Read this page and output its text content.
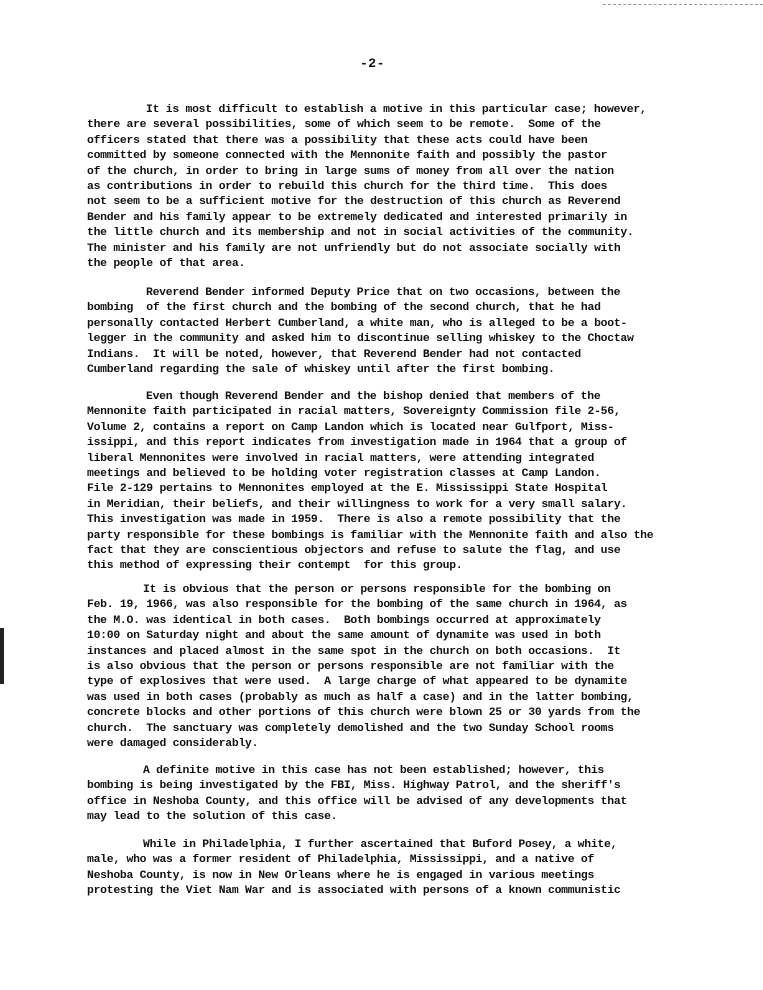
-2-
It is most difficult to establish a motive in this particular case; however,
there are several possibilities, some of which seem to be remote.  Some of the
officers stated that there was a possibility that these acts could have been
committed by someone connected with the Mennonite faith and possibly the pastor
of the church, in order to bring in large sums of money from all over the nation
as contributions in order to rebuild this church for the third time.  This does
not seem to be a sufficient motive for the destruction of this church as Reverend
Bender and his family appear to be extremely dedicated and interested primarily in
the little church and its membership and not in social activities of the community.
The minister and his family are not unfriendly but do not associate socially with
the people of that area.
Reverend Bender informed Deputy Price that on two occasions, between the
bombing  of the first church and the bombing of the second church, that he had
personally contacted Herbert Cumberland, a white man, who is alleged to be a boot-
legger in the community and asked him to discontinue selling whiskey to the Choctaw
Indians.  It will be noted, however, that Reverend Bender had not contacted
Cumberland regarding the sale of whiskey until after the first bombing.
Even though Reverend Bender and the bishop denied that members of the
Mennonite faith participated in racial matters, Sovereignty Commission file 2-56,
Volume 2, contains a report on Camp Landon which is located near Gulfport, Miss-
issippi, and this report indicates from investigation made in 1964 that a group of
liberal Mennonites were involved in racial matters, were attending integrated
meetings and believed to be holding voter registration classes at Camp Landon.
File 2-129 pertains to Mennonites employed at the E. Mississippi State Hospital
in Meridian, their beliefs, and their willingness to work for a very small salary.
This investigation was made in 1959.  There is also a remote possibility that the
party responsible for these bombings is familiar with the Mennonite faith and also the
fact that they are conscientious objectors and refuse to salute the flag, and use
this method of expressing their contempt  for this group.
It is obvious that the person or persons responsible for the bombing on
Feb. 19, 1966, was also responsible for the bombing of the same church in 1964, as
the M.O. was identical in both cases.  Both bombings occurred at approximately
10:00 on Saturday night and about the same amount of dynamite was used in both
instances and placed almost in the same spot in the church on both occasions.  It
is also obvious that the person or persons responsible are not familiar with the
type of explosives that were used.  A large charge of what appeared to be dynamite
was used in both cases (probably as much as half a case) and in the latter bombing,
concrete blocks and other portions of this church were blown 25 or 30 yards from the
church.  The sanctuary was completely demolished and the two Sunday School rooms
were damaged considerably.
A definite motive in this case has not been established; however, this
bombing is being investigated by the FBI, Miss. Highway Patrol, and the sheriff's
office in Neshoba County, and this office will be advised of any developments that
may lead to the solution of this case.
While in Philadelphia, I further ascertained that Buford Posey, a white,
male, who was a former resident of Philadelphia, Mississippi, and a native of
Neshoba County, is now in New Orleans where he is engaged in various meetings
protesting the Viet Nam War and is associated with persons of a known communistic
